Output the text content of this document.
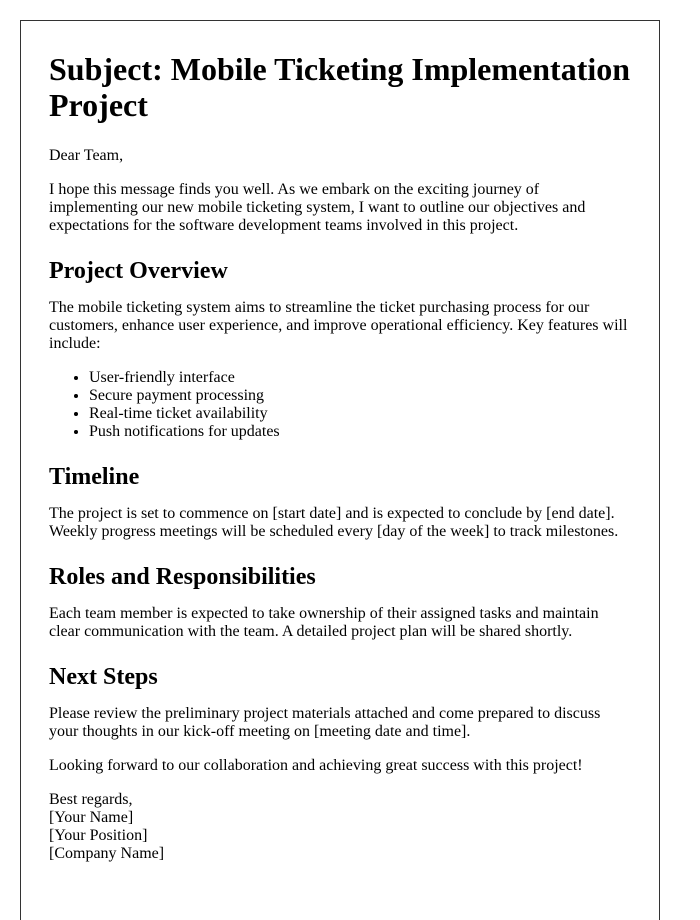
Subject: Mobile Ticketing Implementation Project

Dear Team,

I hope this message finds you well. As we embark on the exciting journey of implementing our new mobile ticketing system, I want to outline our objectives and expectations for the software development teams involved in this project.

Project Overview

The mobile ticketing system aims to streamline the ticket purchasing process for our customers, enhance user experience, and improve operational efficiency. Key features will include:

• User-friendly interface
• Secure payment processing
• Real-time ticket availability
• Push notifications for updates
Timeline

The project is set to commence on [start date] and is expected to conclude by [end date]. Weekly progress meetings will be scheduled every [day of the week] to track milestones.

Roles and Responsibilities

Each team member is expected to take ownership of their assigned tasks and maintain clear communication with the team. A detailed project plan will be shared shortly.

Next Steps

Please review the preliminary project materials attached and come prepared to discuss your thoughts in our kick-off meeting on [meeting date and time].

Looking forward to our collaboration and achieving great success with this project!

Best regards,

[Your Name]

[Your Position]

[Company Name]
